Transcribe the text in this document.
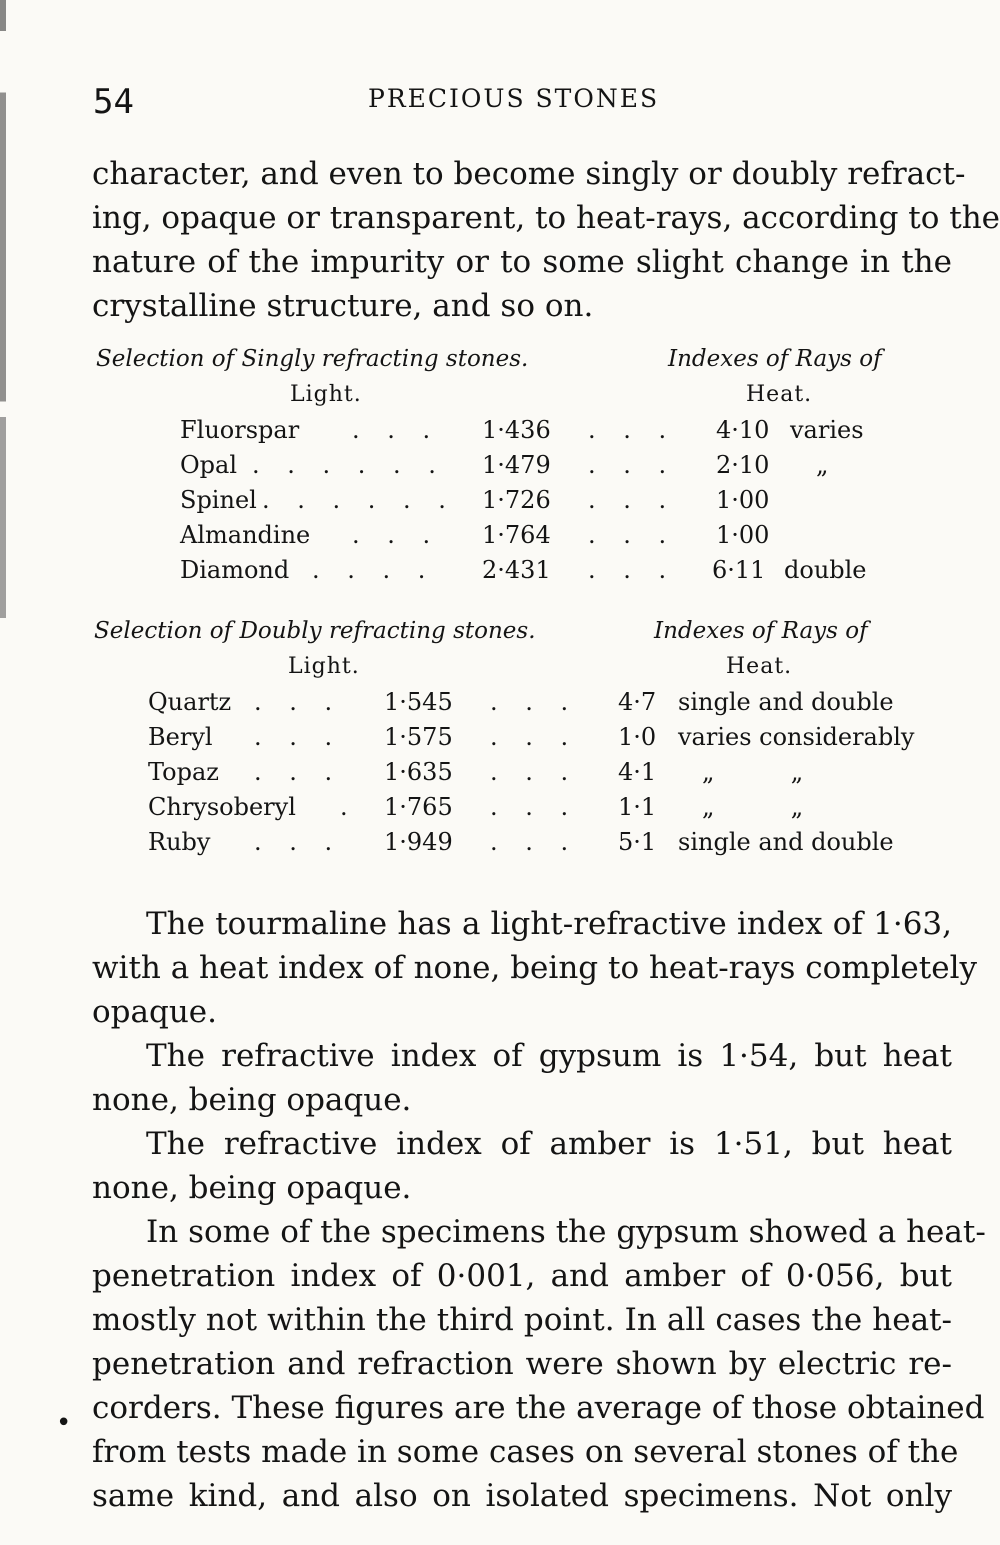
54	PRECIOUS STONES

character, and even to become singly or doubly refract-
ing, opaque or transparent, to heat-rays, according to the
nature of the impurity or to some slight change in the
crystalline structure, and so on.

Selection of Singly refracting stones.	Indexes of Rays of
Light.	Heat.
Fluorspar . . . 1·436 . . . 4·10 varies
Opal . . . . . . 1·479 . . . 2·10 „
Spinel . . . . . . 1·726 . . . 1·00
Almandine . . . 1·764 . . . 1·00
Diamond . . . . 2·431 . . . 6·11 double
Selection of Doubly refracting stones.	Indexes of Rays of
Light.	Heat.
Quartz . . . 1·545 . . . 4·7 single and double
Beryl . . . 1·575 . . . 1·0 varies considerably
Topaz . . . 1·635 . . . 4·1 „          „
Chrysoberyl . 1·765 . . . 1·1 „          „
Ruby . . . 1·949 . . . 5·1 single and double

The tourmaline has a light-refractive index of 1·63,
with a heat index of none, being to heat-rays completely
opaque.

The refractive index of gypsum is 1·54, but heat
none, being opaque.

The refractive index of amber is 1·51, but heat
none, being opaque.

In some of the specimens the gypsum showed a heat-
penetration index of 0·001, and amber of 0·056, but
mostly not within the third point. In all cases the heat-
penetration and refraction were shown by electric re-
corders. These figures are the average of those obtained
from tests made in some cases on several stones of the
same kind, and also on isolated specimens. Not only

•
